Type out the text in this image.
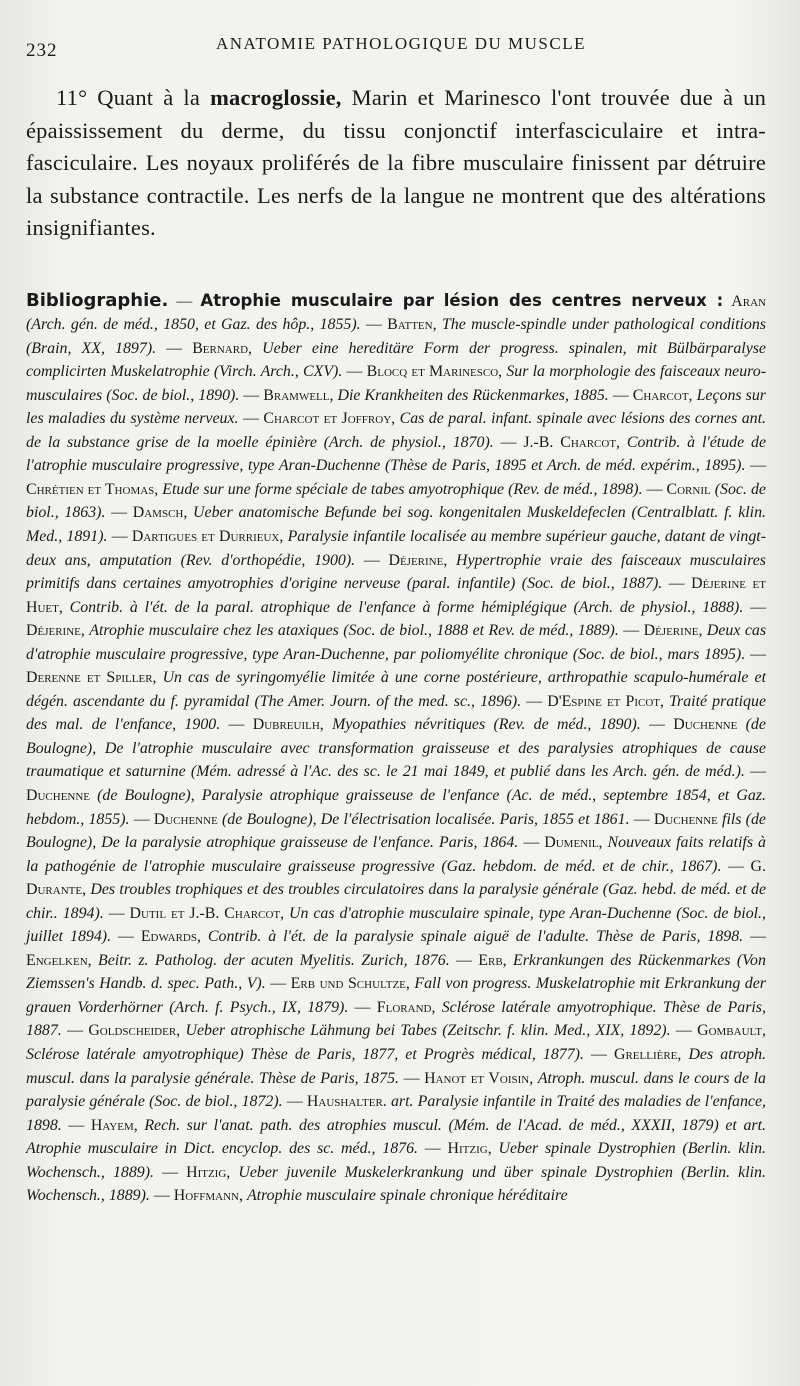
232	ANATOMIE PATHOLOGIQUE DU MUSCLE

11° Quant à la macroglossie, Marin et Marinesco l'ont trouvée due à un épaississement du derme, du tissu conjonctif interfasciculaire et intra-fasciculaire. Les noyaux proliférés de la fibre musculaire finissent par détruire la substance contractile. Les nerfs de la langue ne montrent que des altérations insignifiantes.

Bibliographie. — Atrophie musculaire par lésion des centres nerveux : Aran (Arch. gén. de méd., 1850, et Gaz. des hôp., 1855). — Batten, The muscle-spindle under pathological conditions (Brain, XX, 1897). — Bernard, Ueber eine hereditäre Form der progress. spinalen, mit Bülbärparalyse complicirten Muskelatrophie (Virch. Arch., CXV). — Blocq et Marinesco, Sur la morphologie des faisceaux neuro-musculaires (Soc. de biol., 1890). — Bramwell, Die Krankheiten des Rückenmarkes, 1885. — Charcot, Leçons sur les maladies du système nerveux. — Charcot et Joffroy, Cas de paral. infant. spinale avec lésions des cornes ant. de la substance grise de la moelle épinière (Arch. de physiol., 1870). — J.-B. Charcot, Contrib. à l'étude de l'atrophie musculaire progressive, type Aran-Duchenne (Thèse de Paris, 1895 et Arch. de méd. expérim., 1895). — Chrétien et Thomas, Etude sur une forme spéciale de tabes amyotrophique (Rev. de méd., 1898). — Cornil (Soc. de biol., 1863). — Damsch, Ueber anatomische Befunde bei sog. kongenitalen Muskeldefeclen (Centralblatt. f. klin. Med., 1891). — Dartigues et Durrieux, Paralysie infantile localisée au membre supérieur gauche, datant de vingt-deux ans, amputation (Rev. d'orthopédie, 1900). — Déjerine, Hypertrophie vraie des faisceaux musculaires primitifs dans certaines amyotrophies d'origine nerveuse (paral. infantile) (Soc. de biol., 1887). — Déjerine et Huet, Contrib. à l'ét. de la paral. atrophique de l'enfance à forme hémiplégique (Arch. de physiol., 1888). — Déjerine, Atrophie musculaire chez les ataxiques (Soc. de biol., 1888 et Rev. de méd., 1889). — Déjerine, Deux cas d'atrophie musculaire progressive, type Aran-Duchenne, par poliomyélite chronique (Soc. de biol., mars 1895). — Derenne et Spiller, Un cas de syringomyélie limitée à une corne postérieure, arthropathie scapulo-humérale et dégén. ascendante du f. pyramidal (The Amer. Journ. of the med. sc., 1896). — D'Espine et Picot, Traité pratique des mal. de l'enfance, 1900. — Dubreuilh, Myopathies névritiques (Rev. de méd., 1890). — Duchenne (de Boulogne), De l'atrophie musculaire avec transformation graisseuse et des paralysies atrophiques de cause traumatique et saturnine (Mém. adressé à l'Ac. des sc. le 21 mai 1849, et publié dans les Arch. gén. de méd.). — Duchenne (de Boulogne), Paralysie atrophique graisseuse de l'enfance (Ac. de méd., septembre 1854, et Gaz. hebdom., 1855). — Duchenne (de Boulogne), De l'électrisation localisée. Paris, 1855 et 1861. — Duchenne fils (de Boulogne), De la paralysie atrophique graisseuse de l'enfance. Paris, 1864. — Dumenil, Nouveaux faits relatifs à la pathogénie de l'atrophie musculaire graisseuse progressive (Gaz. hebdom. de méd. et de chir., 1867). — G. Durante, Des troubles trophiques et des troubles circulatoires dans la paralysie générale (Gaz. hebd. de méd. et de chir.. 1894). — Dutil et J.-B. Charcot, Un cas d'atrophie musculaire spinale, type Aran-Duchenne (Soc. de biol., juillet 1894). — Edwards, Contrib. à l'ét. de la paralysie spinale aiguë de l'adulte. Thèse de Paris, 1898. — Engelken, Beitr. z. Patholog. der acuten Myelitis. Zurich, 1876. — Erb, Erkrankungen des Rückenmarkes (Von Ziemssen's Handb. d. spec. Path., V). — Erb und Schultze, Fall von progress. Muskelatrophie mit Erkrankung der grauen Vorderhörner (Arch. f. Psych., IX, 1879). — Florand, Sclérose latérale amyotrophique. Thèse de Paris, 1887. — Goldscheider, Ueber atrophische Lähmung bei Tabes (Zeitschr. f. klin. Med., XIX, 1892). — Gombault, Sclérose latérale amyotrophique) Thèse de Paris, 1877, et Progrès médical, 1877). — Grellière, Des atroph. muscul. dans la paralysie générale. Thèse de Paris, 1875. — Hanot et Voisin, Atroph. muscul. dans le cours de la paralysie générale (Soc. de biol., 1872). — Haushalter. art. Paralysie infantile in Traité des maladies de l'enfance, 1898. — Hayem, Rech. sur l'anat. path. des atrophies muscul. (Mém. de l'Acad. de méd., XXXII, 1879) et art. Atrophie musculaire in Dict. encyclop. des sc. méd., 1876. — Hitzig, Ueber spinale Dystrophien (Berlin. klin. Wochensch., 1889). — Hitzig, Ueber juvenile Muskelerkrankung und über spinale Dystrophien (Berlin. klin. Wochensch., 1889). — Hoffmann, Atrophie musculaire spinale chronique héréditaire
